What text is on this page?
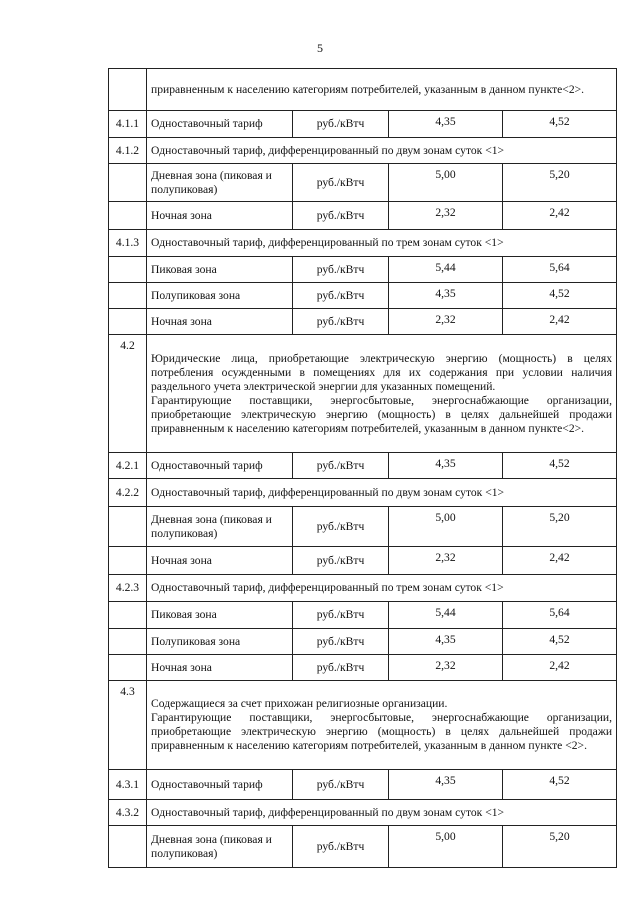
5
	приравненным к населению категориям потребителей, указанным в данном пункте<2>.			
4.1.1	Одноставочный тариф	руб./кВтч	4,35	4,52
4.1.2	Одноставочный тариф, дифференцированный по двум зонам суток <1>			
	Дневная зона (пиковая и полупиковая)	руб./кВтч	5,00	5,20
	Ночная зона	руб./кВтч	2,32	2,42
4.1.3	Одноставочный тариф, дифференцированный по трем зонам суток <1>			
	Пиковая зона	руб./кВтч	5,44	5,64
	Полупиковая зона	руб./кВтч	4,35	4,52
	Ночная зона	руб./кВтч	2,32	2,42
4.2	Юридические лица, приобретающие электрическую энергию (мощность) в целях потребления осужденными в помещениях для их содержания при условии наличия раздельного учета электрической энергии для указанных помещений.
Гарантирующие поставщики, энергосбытовые, энергоснабжающие организации, приобретающие электрическую энергию (мощность) в целях дальнейшей продажи приравненным к населению категориям потребителей, указанным в данном пункте<2>.			

4.2.1	Одноставочный тариф	руб./кВтч	4,35	4,52
4.2.2	Одноставочный тариф, дифференцированный по двум зонам суток <1>			
	Дневная зона (пиковая и полупиковая)	руб./кВтч	5,00	5,20
	Ночная зона	руб./кВтч	2,32	2,42
4.2.3	Одноставочный тариф, дифференцированный по трем зонам суток <1>			
	Пиковая зона	руб./кВтч	5,44	5,64
	Полупиковая зона	руб./кВтч	4,35	4,52
	Ночная зона	руб./кВтч	2,32	2,42
4.3	Содержащиеся за счет прихожан религиозные организации.
Гарантирующие поставщики, энергосбытовые, энергоснабжающие организации, приобретающие электрическую энергию (мощность) в целях дальнейшей продажи приравненным к населению категориям потребителей, указанным в данном пункте <2>.			

4.3.1	Одноставочный тариф	руб./кВтч	4,35	4,52
4.3.2	Одноставочный тариф, дифференцированный по двум зонам суток <1>			
	Дневная зона (пиковая и полупиковая)	руб./кВтч	5,00	5,20
